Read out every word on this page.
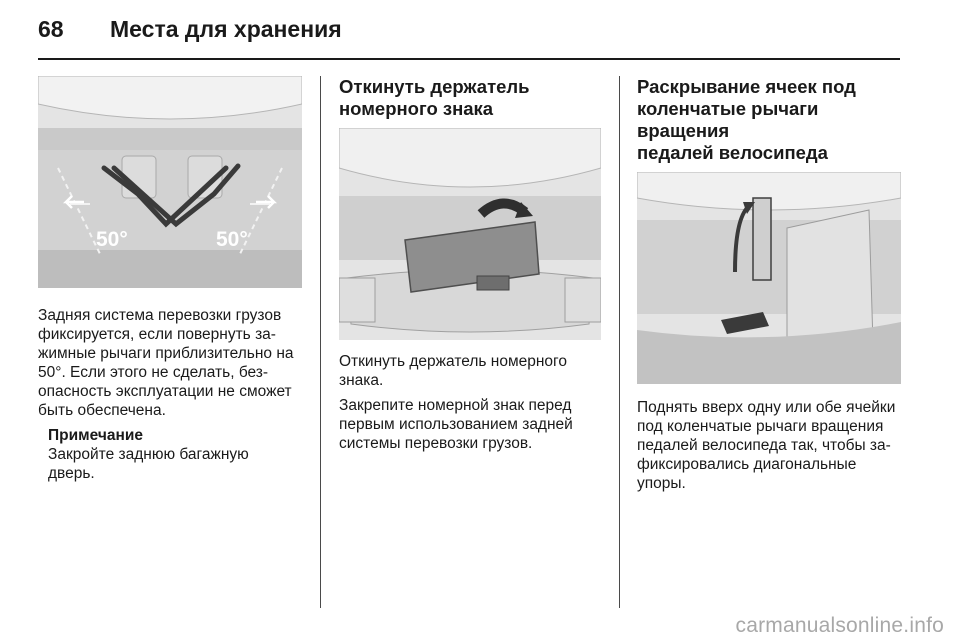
68	Места для хранения
50°	50°

Задняя система перевозки грузов
фиксируется, если повернуть за-
жимные рычаги приблизительно на
50°. Если этого не сделать, без-
опасность эксплуатации не сможет
быть обеспечена.

Примечание
Закройте заднюю багажную
дверь.
Откинуть держатель
номерного знака

Откинуть держатель номерного
знака.

Закрепите номерной знак перед
первым использованием задней
системы перевозки грузов.

Раскрывание ячеек под
коленчатые рычаги вращения
педалей велосипеда

Поднять вверх одну или обе ячейки
под коленчатые рычаги вращения
педалей велосипеда так, чтобы за-
фиксировались диагональные
упоры.

carmanualsonline.info
